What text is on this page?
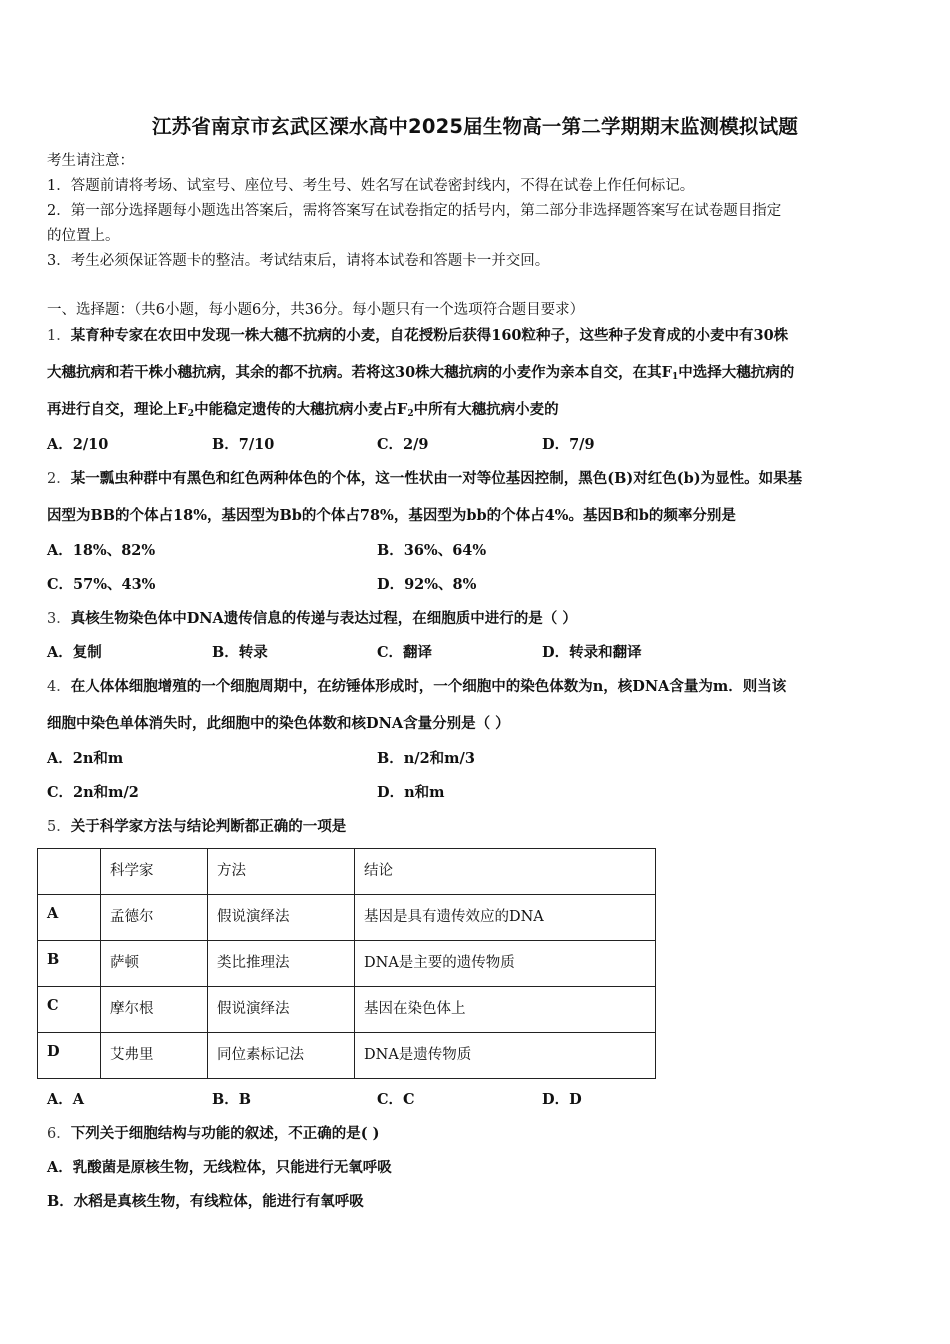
江苏省南京市玄武区溧水高中2025届生物高一第二学期期末监测模拟试题
考生请注意：
1．答题前请将考场、试室号、座位号、考生号、姓名写在试卷密封线内，不得在试卷上作任何标记。
2．第一部分选择题每小题选出答案后，需将答案写在试卷指定的括号内，第二部分非选择题答案写在试卷题目指定
的位置上。
3．考生必须保证答题卡的整洁。考试结束后，请将本试卷和答题卡一并交回。
一、选择题：（共6小题，每小题6分，共36分。每小题只有一个选项符合题目要求）
1．某育种专家在农田中发现一株大穗不抗病的小麦，自花授粉后获得160粒种子，这些种子发育成的小麦中有30株
大穗抗病和若干株小穗抗病，其余的都不抗病。若将这30株大穗抗病的小麦作为亲本自交，在其$F_1$中选择大穗抗病的
再进行自交，理论上$F_2$中能稳定遗传的大穗抗病小麦占$F_2$中所有大穗抗病小麦的
A．2/10	B．7/10	C．2/9	D．7/9
2．某一瓢虫种群中有黑色和红色两种体色的个体，这一性状由一对等位基因控制，黑色(B)对红色(b)为显性。如果基
因型为BB的个体占18%，基因型为Bb的个体占78%，基因型为bb的个体占4%。基因B和b的频率分别是
A．18%、82%	B．36%、64%
C．57%、43%	D．92%、8%
3．真核生物染色体中DNA遗传信息的传递与表达过程，在细胞质中进行的是（ ）
A．复制	B．转录	C．翻译	D．转录和翻译
4．在人体体细胞增殖的一个细胞周期中，在纺锤体形成时，一个细胞中的染色体数为n，核DNA含量为m．则当该
细胞中染色单体消失时，此细胞中的染色体数和核DNA含量分别是（ ）
A．2n和m	B．n/2和m/3
C．2n和m/2	D．n和m
5．关于科学家方法与结论判断都正确的一项是
	科学家	方法	结论
A	孟德尔	假说演绎法	基因是具有遗传效应的DNA
B	萨顿	类比推理法	DNA是主要的遗传物质
C	摩尔根	假说演绎法	基因在染色体上
D	艾弗里	同位素标记法	DNA是遗传物质
A．A	B．B	C．C	D．D
6．下列关于细胞结构与功能的叙述，不正确的是( )
A．乳酸菌是原核生物，无线粒体，只能进行无氧呼吸
B．水稻是真核生物，有线粒体，能进行有氧呼吸
